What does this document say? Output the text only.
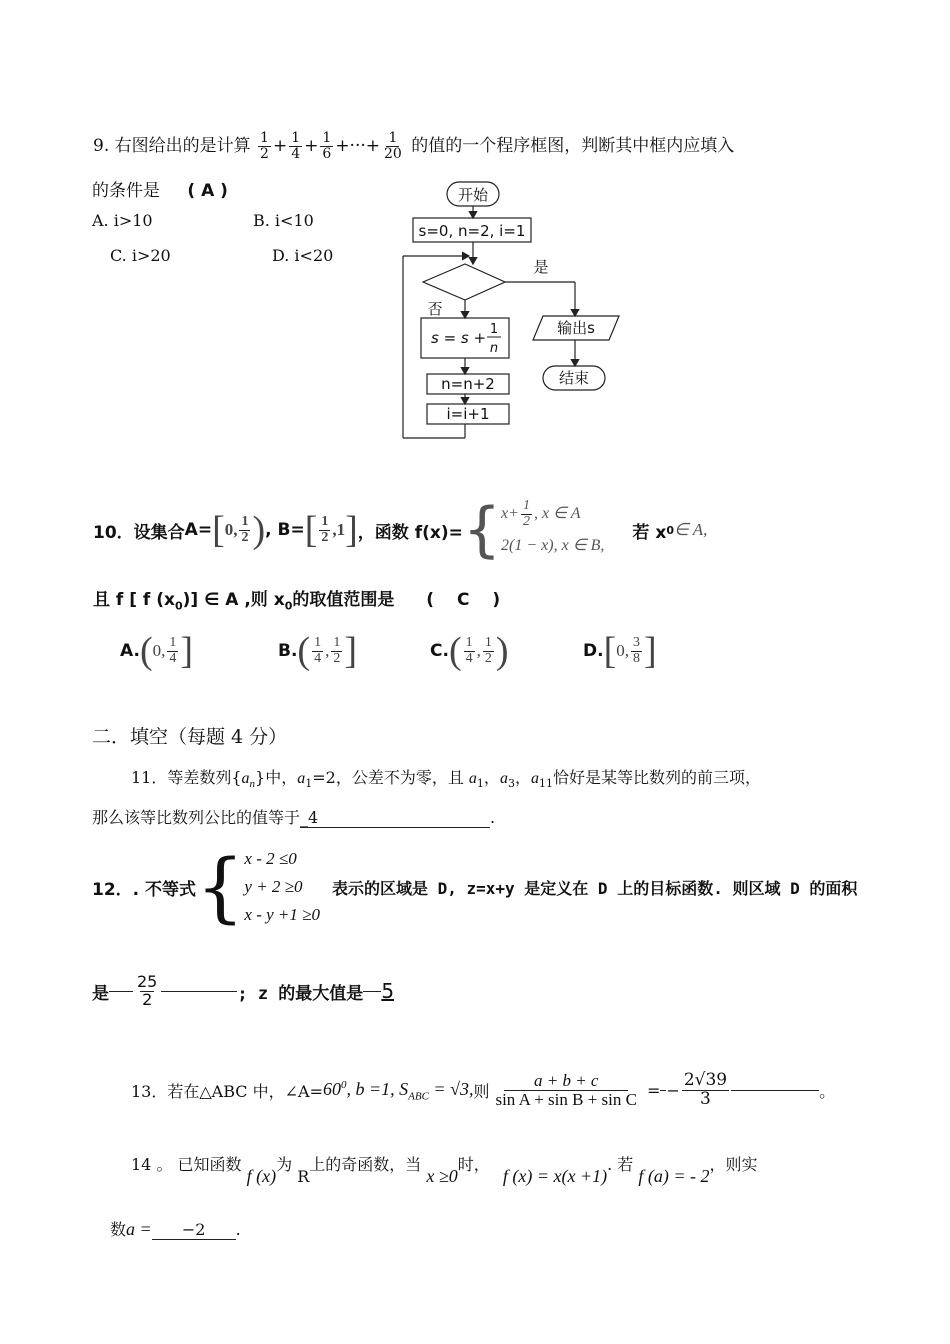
9. 右图给出的是计算 $\frac{1}{2} + \frac{1}{4} + \frac{1}{6}$ +···+ $\frac{1}{20}$ 的值的一个程序框图，判断其中框内应填入
的条件是 ( A )
A. i>10	B. i<10
C. i>20	D. i<20
开始
s=0, n=2, i=1
是
否
s = s + 1
n
n=n+2
i=i+1
输出s
结束
10．设集合 A= [ 0, $\frac{1}{2}$ ) , B= [ $\frac{1}{2} ,1$ ] ，函数 f(x)= { $x+ \frac{1}{2}$ , x ∈ A
2(1 − x), x ∈ B,
若 x 0 ∈ A,
且 f [ f $(x_0)$] ∈ A ,则 $x_0$的取值范围是 (　 C　 )
A. ( 0, $\frac{1}{4}$ ]	B. ( $\frac{1}{4}$ , $\frac{1}{2}$ ]	C. ( $\frac{1}{4}$ , $\frac{1}{2}$ )	D. [ 0, $\frac{3}{8}$ ]
二．填空（每题 4 分）
11．等差数列$\{a_n\}$中，$a_1=2$，公差不为零，且 $a_1$，$a_3$，$a_{11}$恰好是某等比数列的前三项，
那么该等比数列公比的值等于_4	.
12．. 不等式 { x - 2 ≤0
y + 2 ≥0
x - y +1 ≥0
表示的区域是 D, z=x+y 是定义在 D 上的目标函数. 则区域 D 的面积
是 $\frac{25}{2}$	; z 的最大值是 5
13．若在△ABC 中，∠A= $60^0$, b =1, $S_{ABC} = √3$, 则 $\frac{a + b + c}{\text{sin A + sin B + sin C}}$ = − $\frac{2√39}{3}$	。
14 。 已知函数 f (x)为 R上的奇函数，当 x ≥0时， f (x) = x(x +1). 若 f (a) = - 2，则实
数a = −2 .
